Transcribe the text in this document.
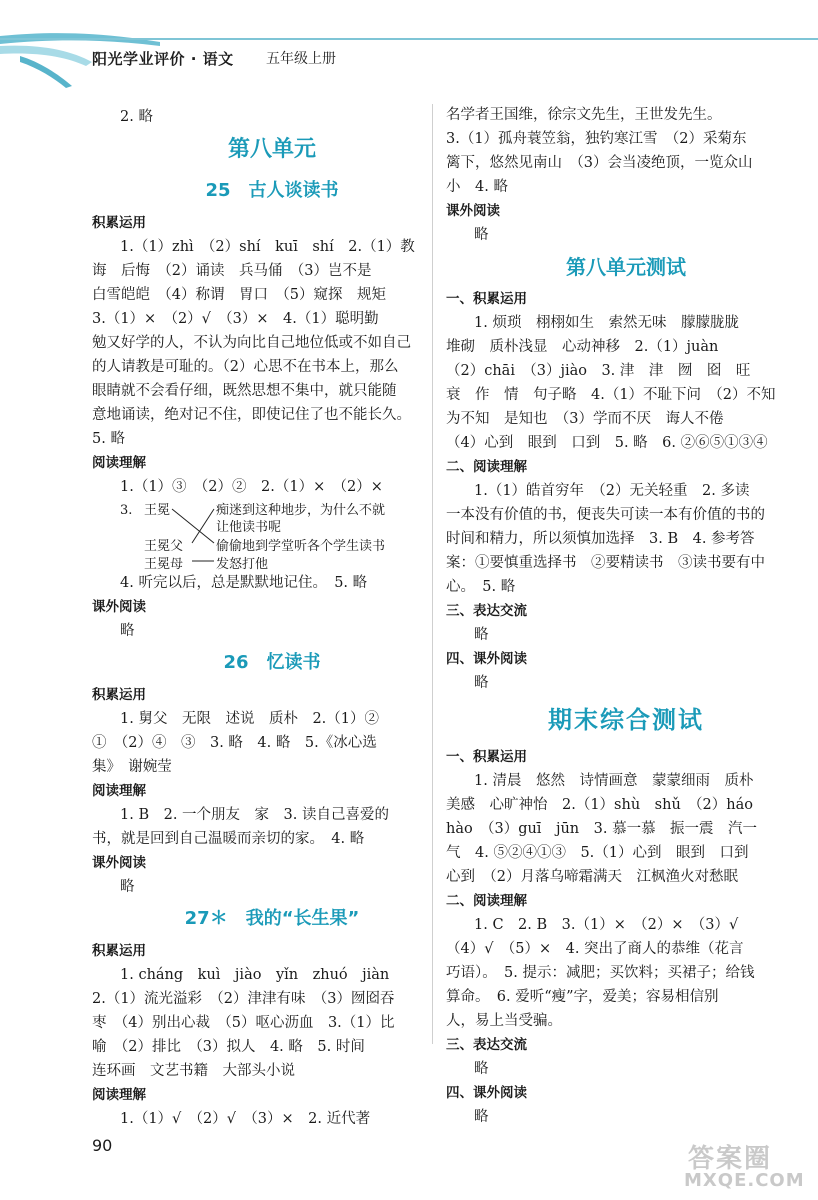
阳光学业评价 · 语文 五年级上册
2. 略
第八单元
25　古人谈读书
积累运用
1.（1）zhì　（2）shí　kuī　shí　2.（1）教
诲　后悔　（2）诵读　兵马俑　（3）岂不是
白雪皑皑　（4）称谓　胃口　（5）窥探　规矩
3.（1）×　（2）√　（3）×　4.（1）聪明勤
勉又好学的人，不认为向比自己地位低或不如自己
的人请教是可耻的。（2）心思不在书本上，那么
眼睛就不会看仔细，既然思想不集中，就只能随
意地诵读，绝对记不住，即使记住了也不能长久。
5. 略
阅读理解
1.（1）③　（2）②　2.（1）×　（2）×
3. 王冕
王冕父
王冕母
痴迷到这种地步，为什么不就
让他读书呢
偷偷地到学堂听各个学生读书
发怒打他
4. 听完以后，总是默默地记住。　5. 略
课外阅读
略
26　忆读书
积累运用
1. 舅父　无限　述说　质朴　2.（1）②
①　（2）④　③　3. 略　4. 略　5.《冰心选
集》　谢婉莹
阅读理解
1. B　2. 一个朋友　家　3. 读自己喜爱的
书，就是回到自己温暖而亲切的家。　4. 略
课外阅读
略
27＊　我的“长生果”
积累运用
1. cháng　kuì　jiào　yǐn　zhuó　jiàn
2.（1）流光溢彩　（2）津津有味　（3）囫囵吞
枣　（4）别出心裁　（5）呕心沥血　3.（1）比
喻　（2）排比　（3）拟人　4. 略　5. 时间
连环画　文艺书籍　大部头小说
阅读理解
1.（1）√　（2）√　（3）×　2. 近代著
名学者王国维，徐宗文先生，王世发先生。
3.（1）孤舟蓑笠翁，独钓寒江雪　（2）采菊东
篱下，悠然见南山　（3）会当凌绝顶，一览众山
小　4. 略
课外阅读
略
第八单元测试
一、积累运用
1. 烦琐　栩栩如生　索然无味　朦朦胧胧
堆砌　质朴浅显　心动神移　2.（1）juàn
（2）chāi　（3）jiào　3. 津　津　囫　囵　旺
衰　作　情　句子略　4.（1）不耻下问　（2）不知
为不知　是知也　（3）学而不厌　诲人不倦
（4）心到　眼到　口到　5. 略　6. ②⑥⑤①③④
二、阅读理解
1.（1）皓首穷年　（2）无关轻重　2. 多读
一本没有价值的书，便丧失可读一本有价值的书的
时间和精力，所以须慎加选择　3. B　4. 参考答
案：①要慎重选择书　②要精读书　③读书要有中
心。　5. 略
三、表达交流
略
四、课外阅读
略
期末综合测试
一、积累运用
1. 清晨　悠然　诗情画意　蒙蒙细雨　质朴
美感　心旷神怡　2.（1）shù　shǔ　（2）háo
hào　（3）guī　jūn　3. 慕一慕　振一震　汽一
气　4. ⑤②④①③　5.（1）心到　眼到　口到
心到　（2）月落乌啼霜满天　江枫渔火对愁眠
二、阅读理解
1. C　2. B　3.（1）×　（2）×　（3）√
（4）√　（5）×　4. 突出了商人的恭维（花言
巧语）。　5. 提示：减肥；买饮料；买裙子；给钱
算命。　6. 爱听“瘦”字，爱美；容易相信别
人，易上当受骗。
三、表达交流
略
四、课外阅读
略
90	答案圈
MXQE.COM
